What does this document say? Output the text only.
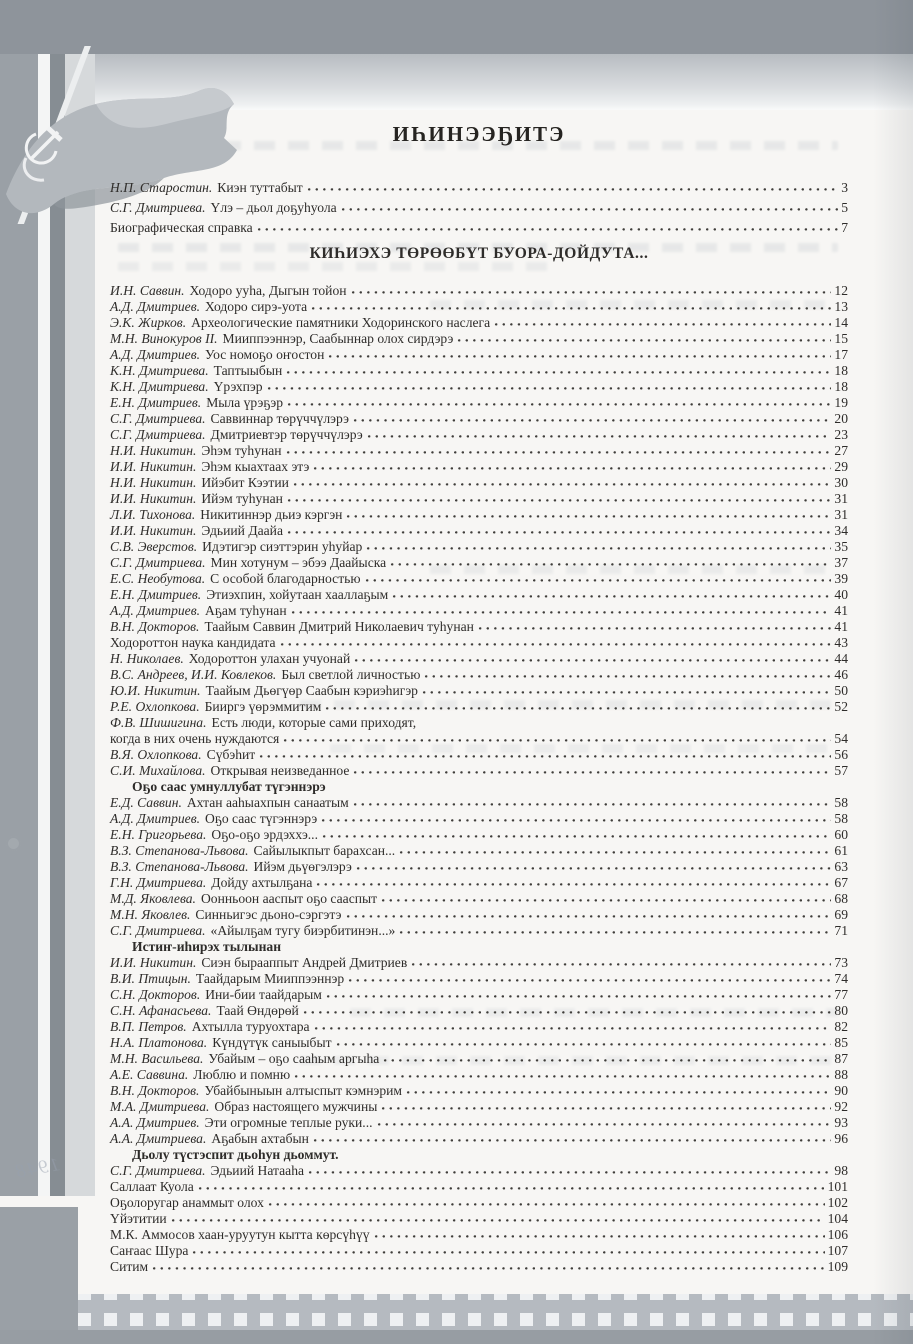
1948
ИҺИНЭЭҔИТЭ
Н.П. Старостин. Киэн туттабыт	3
С.Г. Дмитриева. Үлэ – дьол доҕуһуола	5
Биографическая справка	7
КИҺИЭХЭ ТӨРӨӨБҮТ БУОРА-ДОЙДУТА...
И.Н. Саввин. Ходоро ууһа, Дыгын тойон	12
А.Д. Дмитриев. Ходоро сирэ-уота	13
Э.К. Жирков. Археологические памятники Ходоринского наслега	14
М.Н. Винокуров II. Мииппээннэр, Саабыннар олох сирдэрэ	15
А.Д. Дмитриев. Уос номоҕо оҥостон	17
К.Н. Дмитриева. Таптыыбын	18
К.Н. Дмитриева. Үрэхпэр	18
Е.Н. Дмитриев. Мыла үрэҕэр	19
С.Г. Дмитриева. Саввиннар төрүччүлэрэ	20
С.Г. Дмитриева. Дмитриевтэр төрүччүлэрэ	23
Н.И. Никитин. Эһэм туһунан	27
И.И. Никитин. Эһэм кыахтаах этэ	29
Н.И. Никитин. Ийэбит Кээтии	30
И.И. Никитин. Ийэм туһунан	31
Л.И. Тихонова. Никитиннэр дьиэ кэргэн	31
И.И. Никитин. Эдьиий Даайа	34
С.В. Эверстов. Идэтигэр сиэттэрин уһуйар	35
С.Г. Дмитриева. Мин хотунум – эбээ Даайыска	37
Е.С. Необутова. С особой благодарностью	39
Е.Н. Дмитриев. Этиэхпин, хойутаан хааллаҕым	40
А.Д. Дмитриев. Аҕам туһунан	41
В.Н. Докторов. Таайым Саввин Дмитрий Николаевич туһунан	41
Ходороттон наука кандидата	43
Н. Николаев. Ходороттон улахан учуонай	44
В.С. Андреев, И.И. Ковлеков. Был светлой личностью	46
Ю.И. Никитин. Таайым Дьөгүөр Саабын кэриэһигэр	50
Р.Е. Охлопкова. Бииргэ үөрэммитим	52
Ф.В. Шишигина. Есть люди, которые сами приходят,
когда в них очень нуждаются	54
В.Я. Охлопкова. Сүбэһит	56
С.И. Михайлова. Открывая неизведанное	57
Оҕо саас умнуллубат түгэннэрэ
Е.Д. Саввин. Ахтан ааһыахпын санаатым	58
А.Д. Дмитриев. Оҕо саас түгэннэрэ	58
Е.Н. Григорьева. Оҕо-оҕо эрдэххэ...	60
В.З. Степанова-Львова. Сайылыкпыт барахсан...	61
В.З. Степанова-Львова. Ийэм дьүөгэлэрэ	63
Г.Н. Дмитриева. Дойду ахтылҕана	67
М.Д. Яковлева. Оонньоон ааспыт оҕо сааспыт	68
М.Н. Яковлев. Синньигэс дьоно-сэргэтэ	69
С.Г. Дмитриева. «Айылҕам тугу биэрбитинэн...»	71
Истиҥ-иһирэх тылынан
И.И. Никитин. Сиэн бырааппыт Андрей Дмитриев	73
В.И. Птицын. Таайдарым Мииппээннэр	74
С.Н. Докторов. Ини-бии таайдарым	77
С.Н. Афанасьева. Таай Өндөрөй	80
В.П. Петров. Ахтылла туруохтара	82
Н.А. Платонова. Күндүтүк саныыбыт	85
М.Н. Васильева. Убайым – оҕо сааһым аргыһа	87
А.Е. Саввина. Люблю и помню	88
В.Н. Докторов. Убайбыныын алтыспыт кэмнэрим	90
М.А. Дмитриева. Образ настоящего мужчины	92
А.А. Дмитриев. Эти огромные теплые руки...	93
А.А. Дмитриева. Аҕабын ахтабын	96
Дьолу түстэспит дьоһун дьоммут.
С.Г. Дмитриева. Эдьиий Натааһа	98
Саллаат Куола	101
Оҕолоругар анаммыт олох	102
Үйэтитии	104
М.К. Аммосов хаан-уруутун кытта көрсүһүү	106
Саҥаас Шура	107
Ситим	109
